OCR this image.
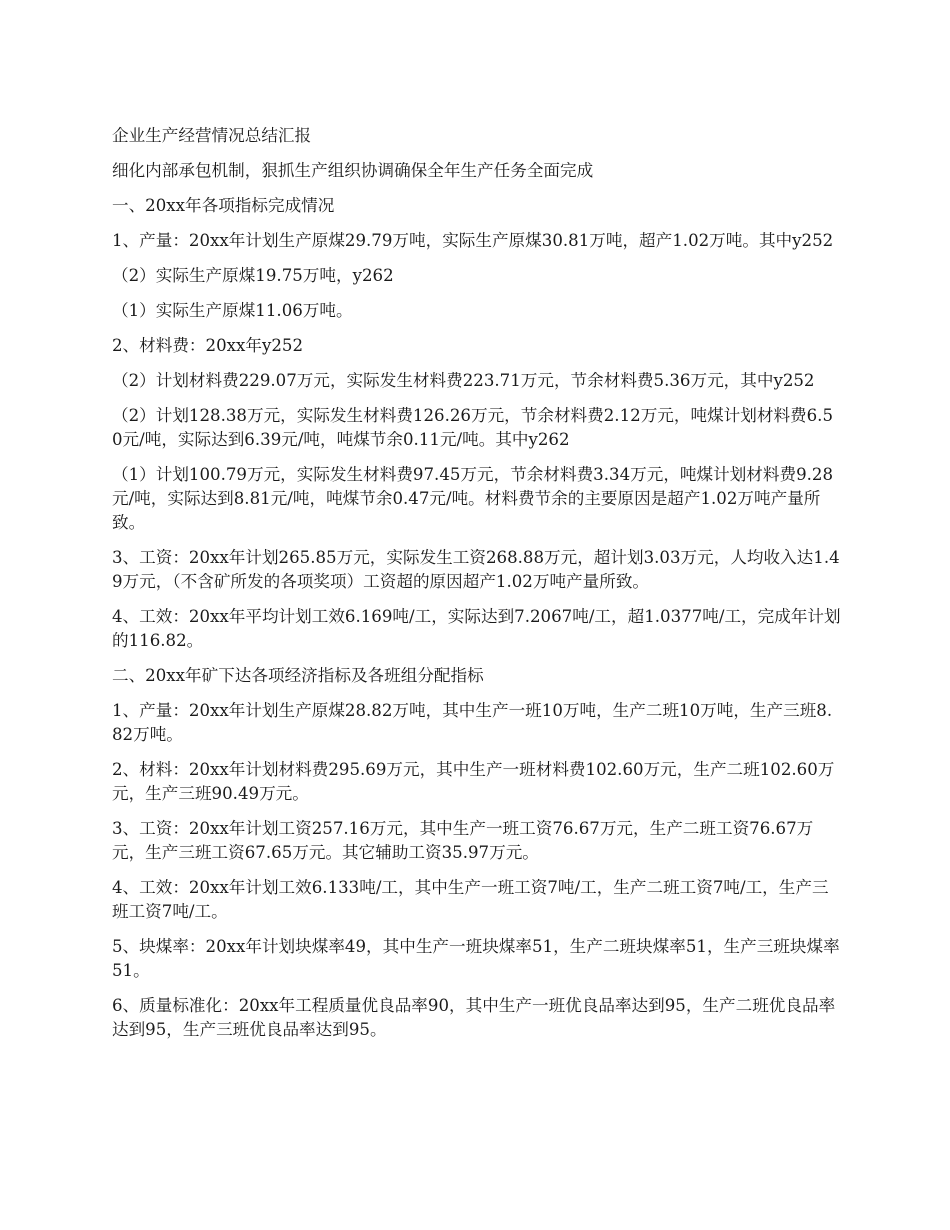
企业生产经营情况总结汇报

细化内部承包机制，狠抓生产组织协调确保全年生产任务全面完成

一、20xx年各项指标完成情况

1、产量：20xx年计划生产原煤29.79万吨，实际生产原煤30.81万吨，超产1.02万吨。其中y252

（2）实际生产原煤19.75万吨，y262

（1）实际生产原煤11.06万吨。

2、材料费：20xx年y252

（2）计划材料费229.07万元，实际发生材料费223.71万元，节余材料费5.36万元，其中y252

（2）计划128.38万元，实际发生材料费126.26万元，节余材料费2.12万元，吨煤计划材料费6.50元/吨，实际达到6.39元/吨，吨煤节余0.11元/吨。其中y262

（1）计划100.79万元，实际发生材料费97.45万元，节余材料费3.34万元，吨煤计划材料费9.28元/吨，实际达到8.81元/吨，吨煤节余0.47元/吨。材料费节余的主要原因是超产1.02万吨产量所致。

3、工资：20xx年计划265.85万元，实际发生工资268.88万元，超计划3.03万元，人均收入达1.49万元，（不含矿所发的各项奖项）工资超的原因超产1.02万吨产量所致。

4、工效：20xx年平均计划工效6.169吨/工，实际达到7.2067吨/工，超1.0377吨/工，完成年计划的116.82。

二、20xx年矿下达各项经济指标及各班组分配指标

1、产量：20xx年计划生产原煤28.82万吨，其中生产一班10万吨，生产二班10万吨，生产三班8.82万吨。

2、材料：20xx年计划材料费295.69万元，其中生产一班材料费102.60万元，生产二班102.60万元，生产三班90.49万元。

3、工资：20xx年计划工资257.16万元，其中生产一班工资76.67万元，生产二班工资76.67万元，生产三班工资67.65万元。其它辅助工资35.97万元。

4、工效：20xx年计划工效6.133吨/工，其中生产一班工资7吨/工，生产二班工资7吨/工，生产三班工资7吨/工。

5、块煤率：20xx年计划块煤率49，其中生产一班块煤率51，生产二班块煤率51，生产三班块煤率51。

6、质量标准化：20xx年工程质量优良品率90，其中生产一班优良品率达到95，生产二班优良品率达到95，生产三班优良品率达到95。
